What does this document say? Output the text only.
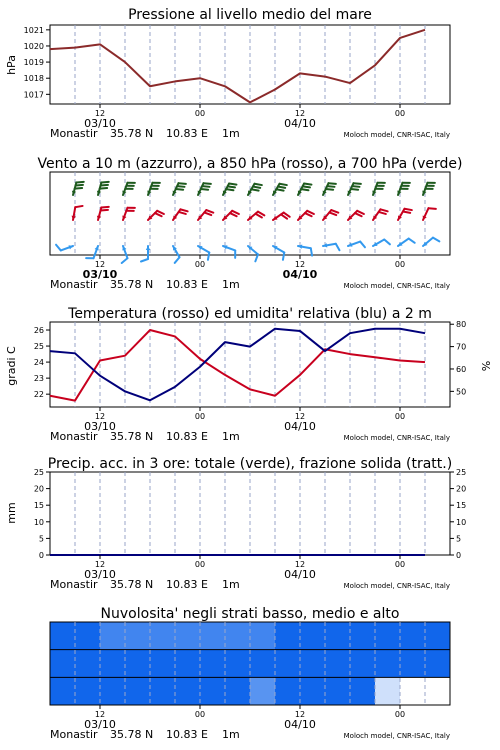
Pressione al livello medio del mare
1017
1018
1019
1020
1021
hPa
12	00	12	00
03/10	04/10
Monastir 35.78 N 10.83 E 1m	Moloch model, CNR-ISAC, Italy
Vento a 10 m (azzurro), a 850 hPa (rosso), a 700 hPa (verde)
12	00	12	00
03/10	04/10
Monastir 35.78 N 10.83 E 1m	Moloch model, CNR-ISAC, Italy
Temperatura (rosso) ed umidita' relativa (blu) a 2 m
22
23
24
25
26
50
60
70
80
gradi C	%
12	00	12	00
03/10	04/10
Monastir 35.78 N 10.83 E 1m	Moloch model, CNR-ISAC, Italy
Precip. acc. in 3 ore: totale (verde), frazione solida (tratt.)
0
5
10
15
20
25
0
5
10
15
20
25
mm
12	00	12	00
03/10	04/10
Monastir 35.78 N 10.83 E 1m	Moloch model, CNR-ISAC, Italy
Nuvolosita' negli strati basso, medio e alto
12	00	12	00
03/10	04/10
Monastir 35.78 N 10.83 E 1m	Moloch model, CNR-ISAC, Italy
